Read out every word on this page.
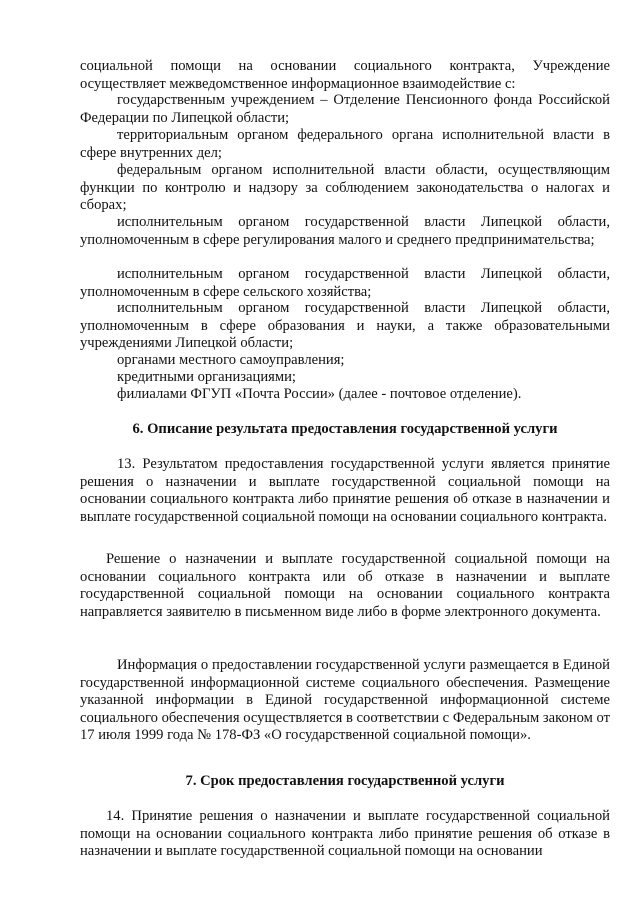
социальной помощи на основании социального контракта, Учреждение осуществляет межведомственное информационное взаимодействие с:

государственным учреждением – Отделение Пенсионного фонда Российской Федерации по Липецкой области;

территориальным органом федерального органа исполнительной власти в сфере внутренних дел;

федеральным органом исполнительной власти области, осуществляющим функции по контролю и надзору за соблюдением законодательства о налогах и сборах;

исполнительным органом государственной власти Липецкой области, уполномоченным в сфере регулирования малого и среднего предпринимательства;

исполнительным органом государственной власти Липецкой области, уполномоченным в сфере сельского хозяйства;

исполнительным органом государственной власти Липецкой области, уполномоченным в сфере образования и науки, а также образовательными учреждениями Липецкой области;

органами местного самоуправления;

кредитными организациями;

филиалами ФГУП «Почта России» (далее - почтовое отделение).

6. Описание результата предоставления государственной услуги

13. Результатом предоставления государственной услуги является принятие решения о назначении и выплате государственной социальной помощи на основании социального контракта либо принятие решения об отказе в назначении и выплате государственной социальной помощи на основании социального контракта.

Решение о назначении и выплате государственной социальной помощи на основании социального контракта или об отказе в назначении и выплате государственной социальной помощи на основании социального контракта направляется заявителю в письменном виде либо в форме электронного документа.

Информация о предоставлении государственной услуги размещается в Единой государственной информационной системе социального обеспечения. Размещение указанной информации в Единой государственной информационной системе социального обеспечения осуществляется в соответствии с Федеральным законом от 17 июля 1999 года № 178-ФЗ «О государственной социальной помощи».

7. Срок предоставления государственной услуги

14. Принятие решения о назначении и выплате государственной социальной помощи на основании социального контракта либо принятие решения об отказе в назначении и выплате государственной социальной помощи на основании
